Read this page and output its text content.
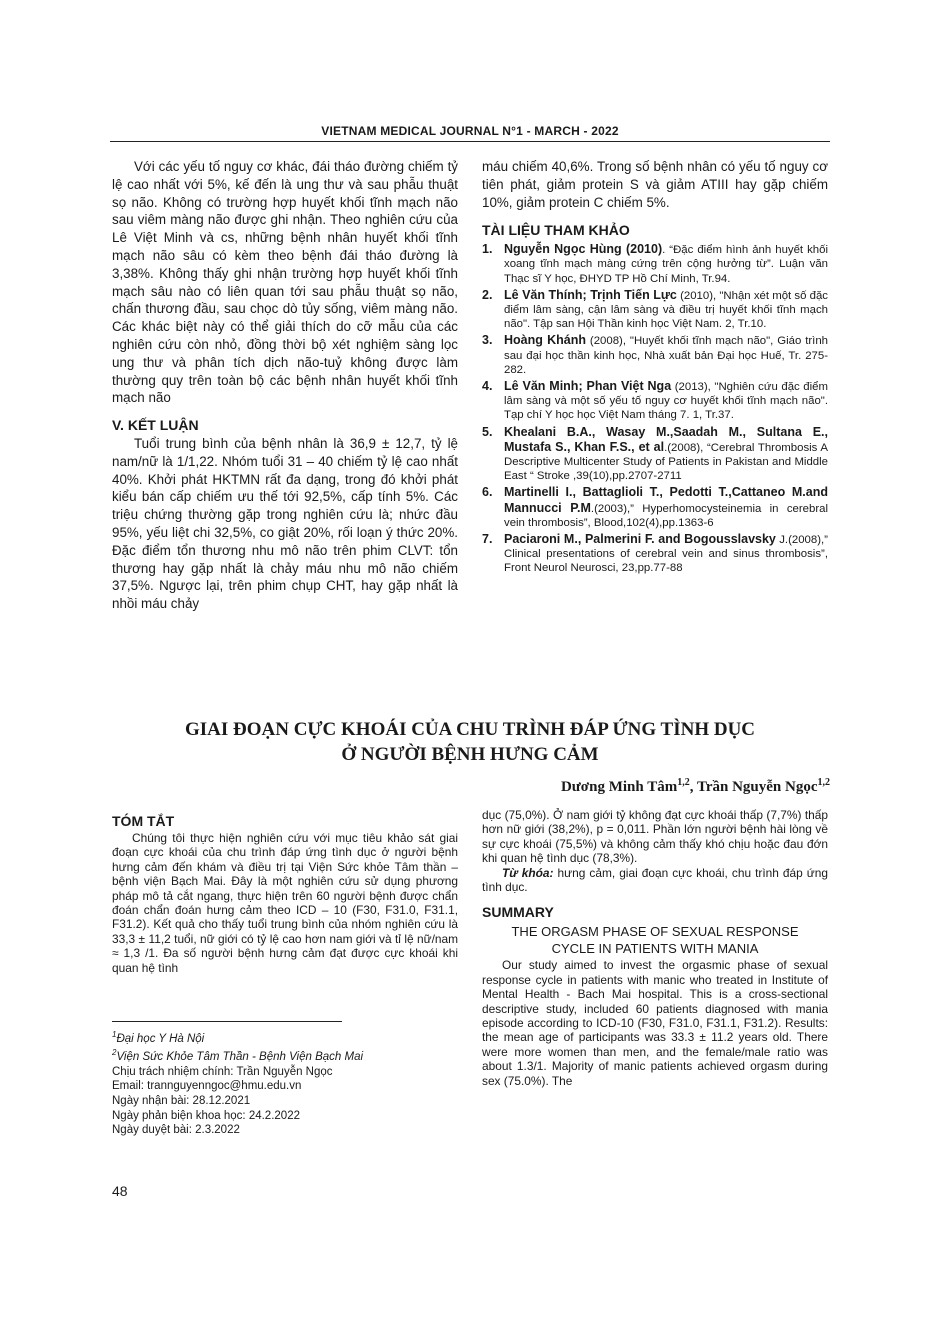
VIETNAM MEDICAL JOURNAL N°1 - MARCH - 2022

Với các yếu tố nguy cơ khác, đái tháo đường chiếm tỷ lệ cao nhất với 5%, kế đến là ung thư và sau phẫu thuật sọ não. Không có trường hợp huyết khối tĩnh mạch não sau viêm màng não được ghi nhận. Theo nghiên cứu của Lê Việt Minh và cs, những bệnh nhân huyết khối tĩnh mạch não sâu có kèm theo bệnh đái tháo đường là 3,38%. Không thấy ghi nhận trường hợp huyết khối tĩnh mạch sâu nào có liên quan tới sau phẫu thuật sọ não, chấn thương đầu, sau chọc dò tủy sống, viêm màng não. Các khác biệt này có thể giải thích do cỡ mẫu của các nghiên cứu còn nhỏ, đồng thời bộ xét nghiệm sàng lọc ung thư và phân tích dịch não-tuỷ không được làm thường quy trên toàn bộ các bệnh nhân huyết khối tĩnh mạch não

V. KẾT LUẬN

Tuổi trung bình của bệnh nhân là 36,9 ± 12,7, tỷ lệ nam/nữ là 1/1,22. Nhóm tuổi 31 – 40 chiếm tỷ lệ cao nhất 40%. Khởi phát HKTMN rất đa dạng, trong đó khởi phát kiểu bán cấp chiếm ưu thế tới 92,5%, cấp tính 5%. Các triệu chứng thường gặp trong nghiên cứu là; nhức đầu 95%, yếu liệt chi 32,5%, co giật 20%, rối loạn ý thức 20%. Đặc điểm tổn thương nhu mô não trên phim CLVT: tổn thương hay gặp nhất là chảy máu nhu mô não chiếm 37,5%. Ngược lại, trên phim chụp CHT, hay gặp nhất là nhồi máu chảy

máu chiếm 40,6%. Trong số bệnh nhân có yếu tố nguy cơ tiên phát, giảm protein S và giảm ATIII hay gặp chiếm 10%, giảm protein C chiếm 5%.

TÀI LIỆU THAM KHẢO
1. Nguyễn Ngọc Hùng (2010). “Đặc điểm hình ảnh huyết khối xoang tĩnh mạch màng cứng trên cộng hưởng từ”. Luận văn Thạc sĩ Y học, ĐHYD TP Hồ Chí Minh, Tr.94.
2. Lê Văn Thính; Trịnh Tiến Lực (2010), "Nhận xét một số đặc điểm lâm sàng, cận lâm sàng và điều trị huyết khối tĩnh mạch não". Tập san Hội Thần kinh học Việt Nam. 2, Tr.10.
3. Hoàng Khánh (2008), "Huyết khối tĩnh mạch não", Giáo trình sau đại học thần kinh học, Nhà xuất bản Đại học Huế, Tr. 275-282.
4. Lê Văn Minh; Phan Việt Nga (2013), "Nghiên cứu đặc điểm lâm sàng và một số yếu tố nguy cơ huyết khối tĩnh mạch não". Tạp chí Y học học Việt Nam tháng 7. 1, Tr.37.
5. Khealani B.A., Wasay M.,Saadah M., Sultana E., Mustafa S., Khan F.S., et al.(2008), “Cerebral Thrombosis A Descriptive Multicenter Study of Patients in Pakistan and Middle East “ Stroke ,39(10),pp.2707-2711
6. Martinelli I., Battaglioli T., Pedotti T.,Cattaneo M.and Mannucci P.M.(2003),” Hyperhomocysteinemia in cerebral vein thrombosis”, Blood,102(4),pp.1363-6
7. Paciaroni M., Palmerini F. and Bogousslavsky J.(2008),” Clinical presentations of cerebral vein and sinus thrombosis”, Front Neurol Neurosci, 23,pp.77-88
GIAI ĐOẠN CỰC KHOÁI CỦA CHU TRÌNH ĐÁP ỨNG TÌNH DỤC
Ở NGƯỜI BỆNH HƯNG CẢM
Dương Minh Tâm$^{1,2}$, Trần Nguyễn Ngọc$^{1,2}$
TÓM TẮT

Chúng tôi thực hiện nghiên cứu với mục tiêu khảo sát giai đoạn cực khoái của chu trình đáp ứng tình dục ở người bệnh hưng cảm đến khám và điều trị tại Viện Sức khỏe Tâm thần – bệnh viện Bạch Mai. Đây là một nghiên cứu sử dụng phương pháp mô tả cắt ngang, thực hiện trên 60 người bệnh được chẩn đoán chẩn đoán hưng cảm theo ICD – 10 (F30, F31.0, F31.1, F31.2). Kết quả cho thấy tuổi trung bình của nhóm nghiên cứu là 33,3 ± 11,2 tuổi, nữ giới có tỷ lệ cao hơn nam giới và tỉ lệ nữ/nam ≈ 1,3 /1. Đa số người bệnh hưng cảm đạt được cực khoái khi quan hệ tình

dục (75,0%). Ở nam giới tỷ không đạt cực khoái thấp (7,7%) thấp hơn nữ giới (38,2%), p = 0,011. Phần lớn người bệnh hài lòng về sự cực khoái (75,5%) và không cảm thấy khó chịu hoặc đau đớn khi quan hệ tình dục (78,3%).

Từ khóa: hưng cảm, giai đoạn cực khoái, chu trình đáp ứng tình dục.

SUMMARY
THE ORGASM PHASE OF SEXUAL RESPONSE
CYCLE IN PATIENTS WITH MANIA

Our study aimed to invest the orgasmic phase of sexual response cycle in patients with manic who treated in Institute of Mental Health - Bach Mai hospital. This is a cross-sectional descriptive study, included 60 patients diagnosed with mania episode according to ICD-10 (F30, F31.0, F31.1, F31.2). Results: the mean age of participants was 33.3 ± 11.2 years old. There were more women than men, and the female/male ratio was about 1.3/1. Majority of manic patients achieved orgasm during sex (75.0%). The

$^1$Đại học Y Hà Nội
$^2$Viện Sức Khỏe Tâm Thần - Bệnh Viện Bạch Mai
Chịu trách nhiệm chính: Trần Nguyễn Ngọc
Email: trannguyenngoc@hmu.edu.vn
Ngày nhận bài: 28.12.2021
Ngày phản biện khoa học: 24.2.2022
Ngày duyệt bài: 2.3.2022
48
